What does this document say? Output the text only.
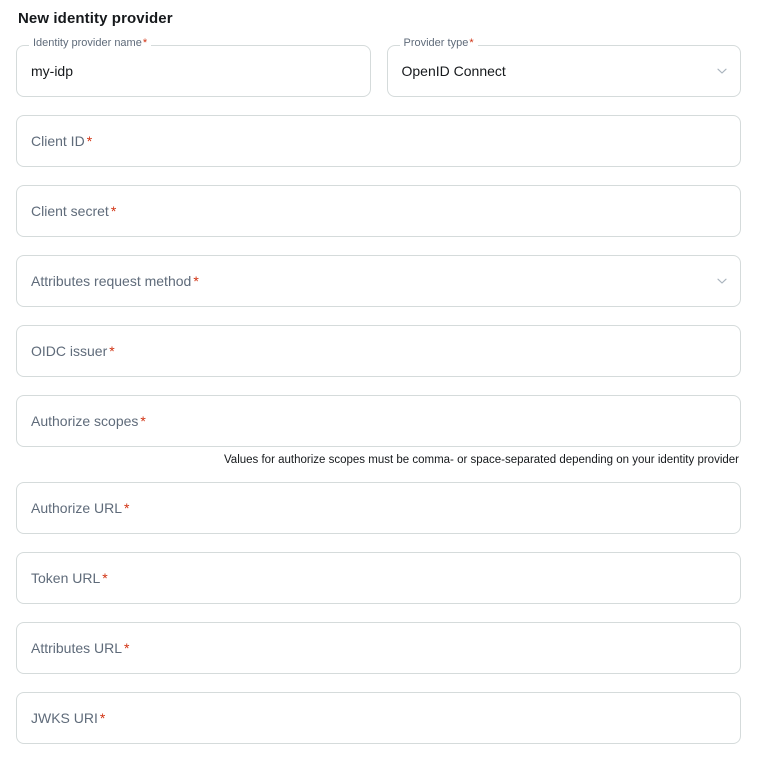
New identity provider
Identity provider name*
my-idp
Provider type*
OpenID Connect
Client ID *
Client secret *
Attributes request method *
OIDC issuer *
Authorize scopes *
Values for authorize scopes must be comma- or space-separated depending on your identity provider
Authorize URL *
Token URL *
Attributes URL *
JWKS URI *
